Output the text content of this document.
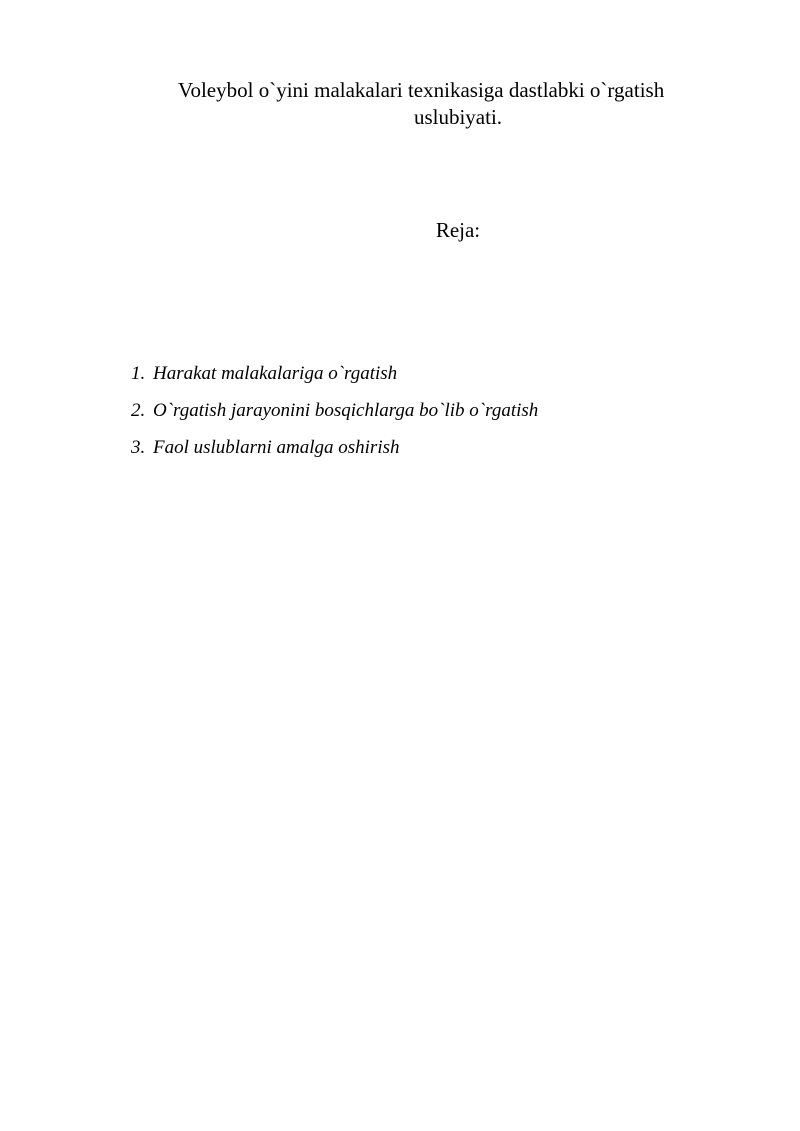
Voleybol o`yini malakalari texnikasiga dastlabki o`rgatish
uslubiyati.
Reja:
1. Harakat malakalariga o`rgatish
2. O`rgatish jarayonini bosqichlarga bo`lib o`rgatish
3. Faol uslublarni amalga oshirish
